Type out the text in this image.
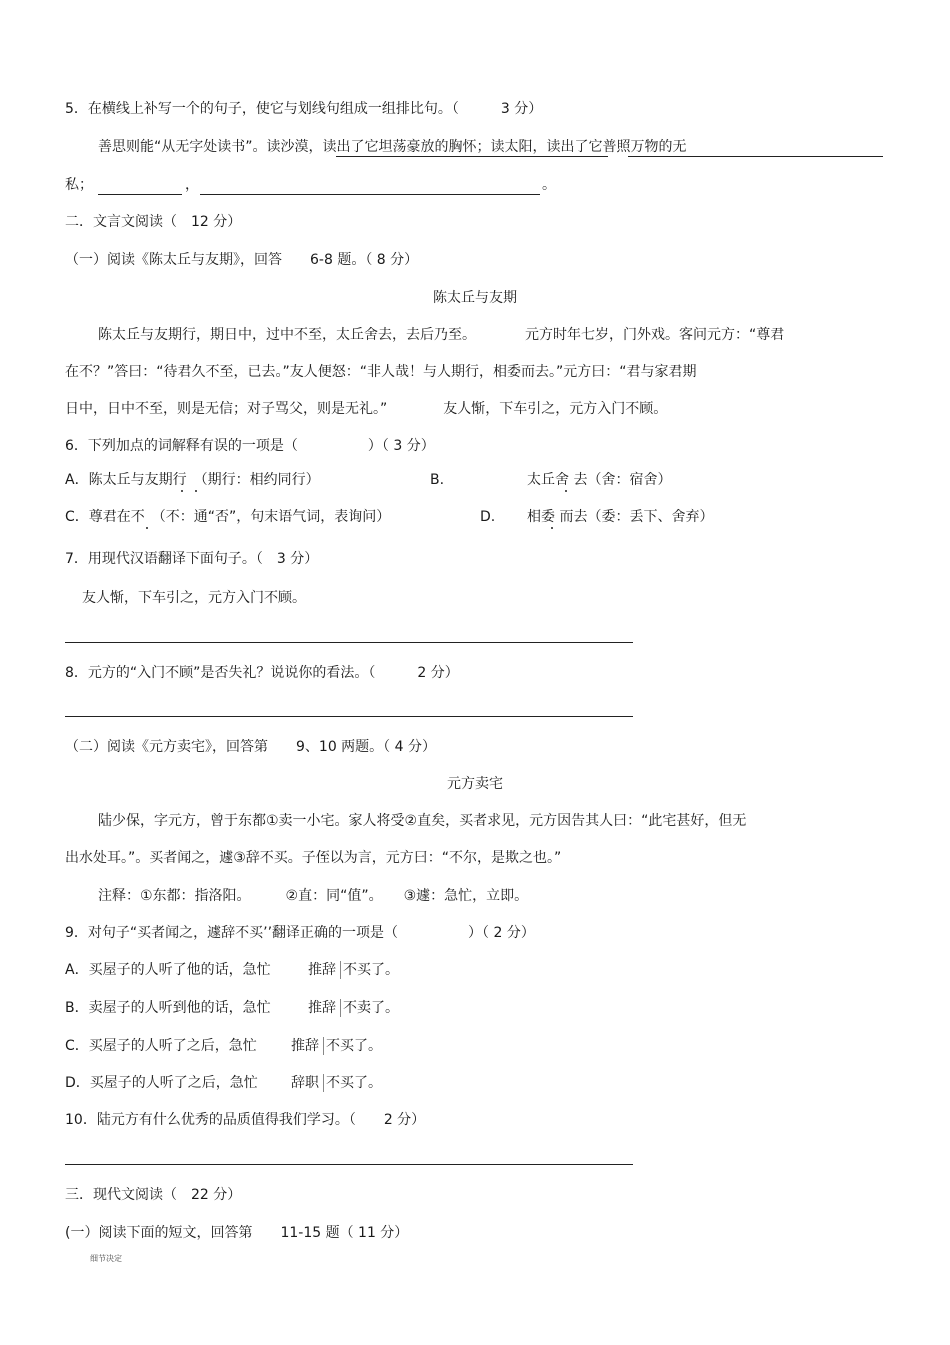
5．在横线上补写一个的句子，使它与划线句组成一组排比句。（　　　3 分）
善思则能“从无字处读书”。读沙漠，读出了它坦荡豪放的胸怀；读太阳，读出了它普照万物的无
私；	，	。
二．文言文阅读（　12 分）
（一）阅读《陈太丘与友期》，回答　　6-8 题。（ 8 分）
陈太丘与友期
陈太丘与友期行，期日中，过中不至，太丘舍去，去后乃至。　　　　元方时年七岁，门外戏。客问元方：“尊君
在不？”答曰：“待君久不至，已去。”友人便怒：“非人哉！与人期行，相委而去。”元方曰：“君与家君期
日中，日中不至，则是无信；对子骂父，则是无礼。”　　　　友人惭，下车引之，元方入门不顾。
6．下列加点的词解释有误的一项是（　　　　　）（ 3 分）
A．陈太丘与友期行　（期行：相约同行）	B.	太丘舍 去（舍：宿舍）
C．尊君在不　（不：通“否”，句末语气词，表询问）	D. 相委 而去（委：丢下、舍弃）
7．用现代汉语翻译下面句子。（　3 分）
友人惭，下车引之，元方入门不顾。
8．元方的“入门不顾”是否失礼？说说你的看法。（　　　2 分）
（二）阅读《元方卖宅》，回答第　　9、10 两题。（ 4 分）
元方卖宅
陆少保，字元方，曾于东都①卖一小宅。家人将受②直矣，买者求见，元方因告其人曰：“此宅甚好，但无
出水处耳。”。买者闻之，遽③辞不买。子侄以为言，元方曰：“不尔，是欺之也。”
注释：①东都：指洛阳。　　　②直：同“值”。　　③遽：急忙，立即。
9．对句子“买者闻之，遽辞不买’’翻译正确的一项是（　　　　　）（ 2 分）
A．买屋子的人听了他的话，急忙	推辞 不买了。
B．卖屋子的人听到他的话，急忙	推辞 不卖了。
C．买屋子的人听了之后，急忙 推辞 不买了。
D．买屋子的人听了之后，急忙 辞职 不买了。
10．陆元方有什么优秀的品质值得我们学习。（　　2 分）
三．现代文阅读（　22 分）
(一）阅读下面的短文，回答第　　11-15 题（ 11 分）
细节决定
